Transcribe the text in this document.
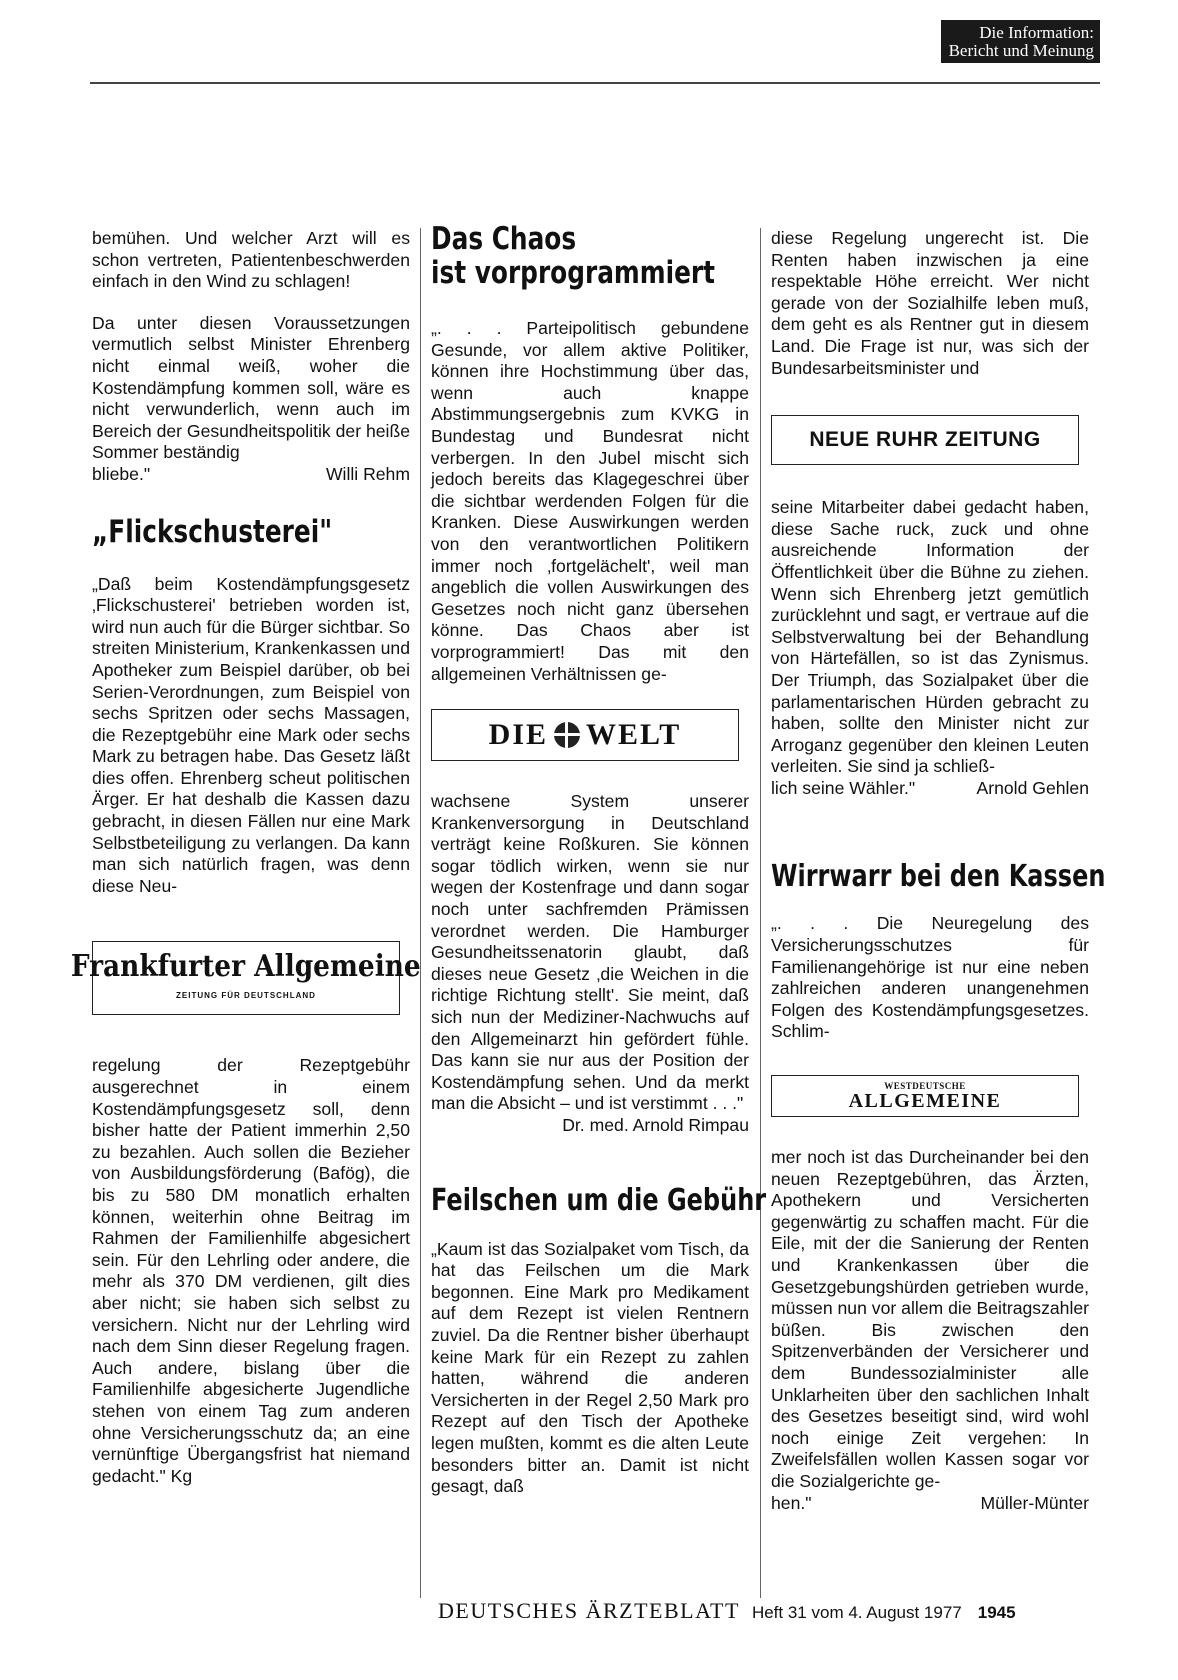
Die Information:
Bericht und Meinung

bemühen. Und welcher Arzt will es schon vertreten, Patientenbeschwerden einfach in den Wind zu schlagen!

Da unter diesen Voraussetzungen vermutlich selbst Minister Ehrenberg nicht einmal weiß, woher die Kostendämpfung kommen soll, wäre es nicht verwunderlich, wenn auch im Bereich der Gesundheitspolitik der heiße Sommer beständig

bliebe."	Willi Rehm
„Flickschusterei"

„Daß beim Kostendämpfungsgesetz ‚Flickschusterei' betrieben worden ist, wird nun auch für die Bürger sichtbar. So streiten Ministerium, Krankenkassen und Apotheker zum Beispiel darüber, ob bei Serien-Verordnungen, zum Beispiel von sechs Spritzen oder sechs Massagen, die Rezeptgebühr eine Mark oder sechs Mark zu betragen habe. Das Gesetz läßt dies offen. Ehrenberg scheut politischen Ärger. Er hat deshalb die Kassen dazu gebracht, in diesen Fällen nur eine Mark Selbstbeteiligung zu verlangen. Da kann man sich natürlich fragen, was denn diese Neu-

Frankfurter Allgemeine
ZEITUNG FÜR DEUTSCHLAND

regelung der Rezeptgebühr ausgerechnet in einem Kostendämpfungsgesetz soll, denn bisher hatte der Patient immerhin 2,50 zu bezahlen. Auch sollen die Bezieher von Ausbildungsförderung (Bafög), die bis zu 580 DM monatlich erhalten können, weiterhin ohne Beitrag im Rahmen der Familienhilfe abgesichert sein. Für den Lehrling oder andere, die mehr als 370 DM verdienen, gilt dies aber nicht; sie haben sich selbst zu versichern. Nicht nur der Lehrling wird nach dem Sinn dieser Regelung fragen. Auch andere, bislang über die Familienhilfe abgesicherte Jugendliche stehen von einem Tag zum anderen ohne Versicherungsschutz da; an eine vernünftige Übergangsfrist hat niemand gedacht." Kg

Das Chaos
ist vorprogrammiert

„. . . Parteipolitisch gebundene Gesunde, vor allem aktive Politiker, können ihre Hochstimmung über das, wenn auch knappe Abstimmungsergebnis zum KVKG in Bundestag und Bundesrat nicht verbergen. In den Jubel mischt sich jedoch bereits das Klagegeschrei über die sichtbar werdenden Folgen für die Kranken. Diese Auswirkungen werden von den verantwortlichen Politikern immer noch ‚fortgelächelt', weil man angeblich die vollen Auswirkungen des Gesetzes noch nicht ganz übersehen könne. Das Chaos aber ist vorprogrammiert! Das mit den allgemeinen Verhältnissen ge-

DIE WELT

wachsene System unserer Krankenversorgung in Deutschland verträgt keine Roßkuren. Sie können sogar tödlich wirken, wenn sie nur wegen der Kostenfrage und dann sogar noch unter sachfremden Prämissen verordnet werden. Die Hamburger Gesundheitssenatorin glaubt, daß dieses neue Gesetz ‚die Weichen in die richtige Richtung stellt'. Sie meint, daß sich nun der Mediziner-Nachwuchs auf den Allgemeinarzt hin gefördert fühle. Das kann sie nur aus der Position der Kostendämpfung sehen. Und da merkt man die Absicht – und ist verstimmt . . ."

Dr. med. Arnold Rimpau
Feilschen um die Gebühr

„Kaum ist das Sozialpaket vom Tisch, da hat das Feilschen um die Mark begonnen. Eine Mark pro Medikament auf dem Rezept ist vielen Rentnern zuviel. Da die Rentner bisher überhaupt keine Mark für ein Rezept zu zahlen hatten, während die anderen Versicherten in der Regel 2,50 Mark pro Rezept auf den Tisch der Apotheke legen mußten, kommt es die alten Leute besonders bitter an. Damit ist nicht gesagt, daß

diese Regelung ungerecht ist. Die Renten haben inzwischen ja eine respektable Höhe erreicht. Wer nicht gerade von der Sozialhilfe leben muß, dem geht es als Rentner gut in diesem Land. Die Frage ist nur, was sich der Bundesarbeitsminister und

NEUE RUHR ZEITUNG

seine Mitarbeiter dabei gedacht haben, diese Sache ruck, zuck und ohne ausreichende Information der Öffentlichkeit über die Bühne zu ziehen. Wenn sich Ehrenberg jetzt gemütlich zurücklehnt und sagt, er vertraue auf die Selbstverwaltung bei der Behandlung von Härtefällen, so ist das Zynismus. Der Triumph, das Sozialpaket über die parlamentarischen Hürden gebracht zu haben, sollte den Minister nicht zur Arroganz gegenüber den kleinen Leuten verleiten. Sie sind ja schließ-

lich seine Wähler."	Arnold Gehlen
Wirrwarr bei den Kassen

„. . . Die Neuregelung des Versicherungsschutzes für Familienangehörige ist nur eine neben zahlreichen anderen unangenehmen Folgen des Kostendämpfungsgesetzes. Schlim-

WESTDEUTSCHE
ALLGEMEINE

mer noch ist das Durcheinander bei den neuen Rezeptgebühren, das Ärzten, Apothekern und Versicherten gegenwärtig zu schaffen macht. Für die Eile, mit der die Sanierung der Renten und Krankenkassen über die Gesetzgebungshürden getrieben wurde, müssen nun vor allem die Beitragszahler büßen. Bis zwischen den Spitzenverbänden der Versicherer und dem Bundessozialminister alle Unklarheiten über den sachlichen Inhalt des Gesetzes beseitigt sind, wird wohl noch einige Zeit vergehen: In Zweifelsfällen wollen Kassen sogar vor die Sozialgerichte ge-

hen."	Müller-Münter
DEUTSCHES ÄRZTEBLATT Heft 31 vom 4. August 1977 1945
